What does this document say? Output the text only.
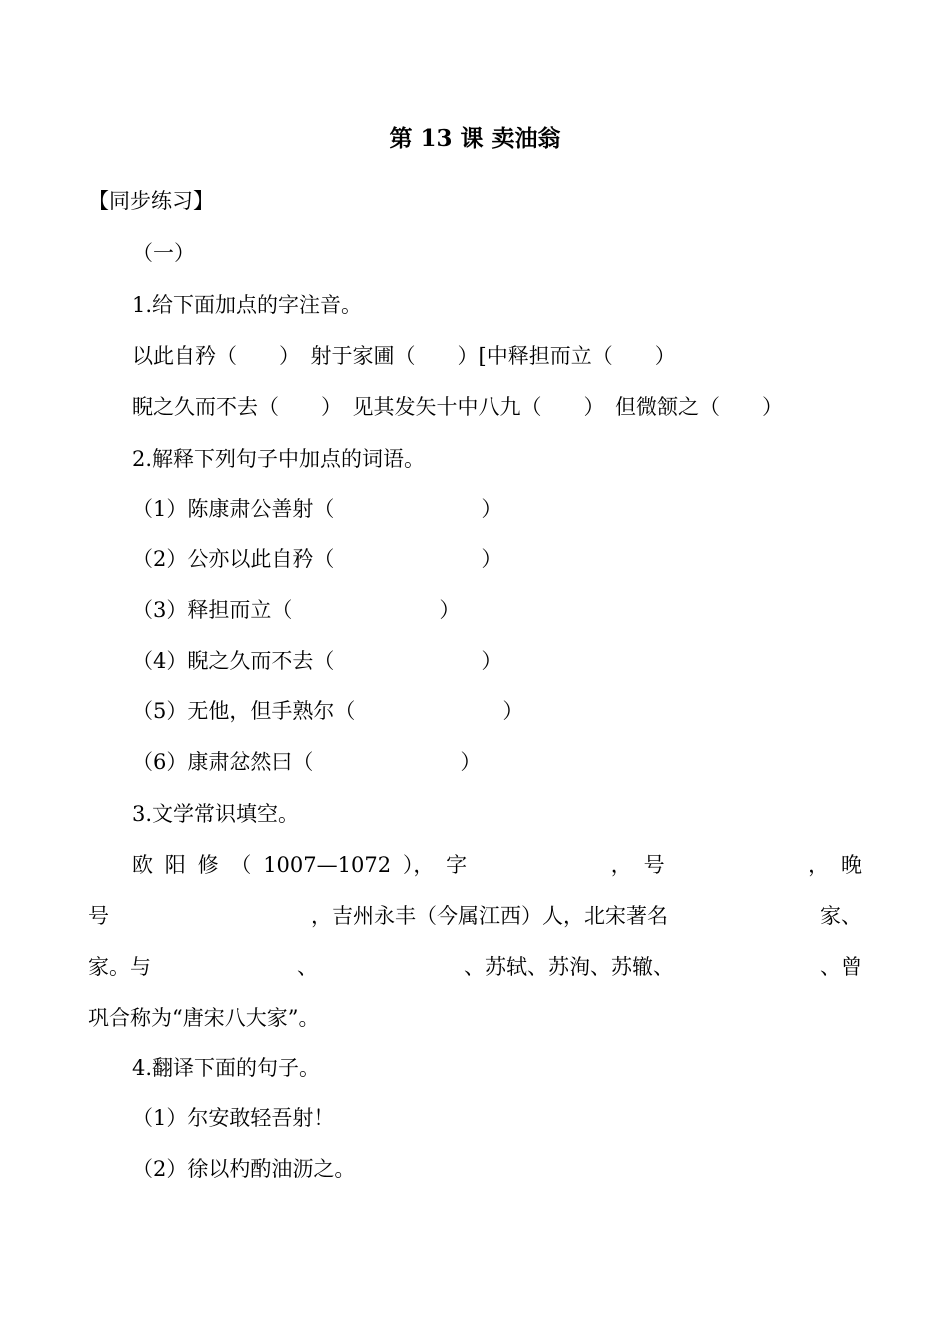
第 13 课 卖油翁
【同步练习】
（一）
1.给下面加点的字注音。
以此自矜（　　）　射于家圃（　　）[中释担而立（　　）
睨之久而不去（　　）　见其发矢十中八九（　　）　但微颔之（　　）
2.解释下列句子中加点的词语。
（1）陈康肃公善射（　　　　　　　）
（2）公亦以此自矜（　　　　　　　）
（3）释担而立（　　　　　　　）
（4）睨之久而不去（　　　　　　　）
（5）无他，但手熟尔（　　　　　　　）
（6）康肃忿然曰（　　　　　　　）
3.文学常识填空。
欧 阳 修 （ 1007—1072 ）， 字	， 号	， 晚
号	，吉州永丰（今属江西）人，北宋著名	家、
家。与	、	、苏轼、苏洵、苏辙、	、曾
巩合称为“唐宋八大家”。
4.翻译下面的句子。
（1）尔安敢轻吾射！
（2）徐以杓酌油沥之。
